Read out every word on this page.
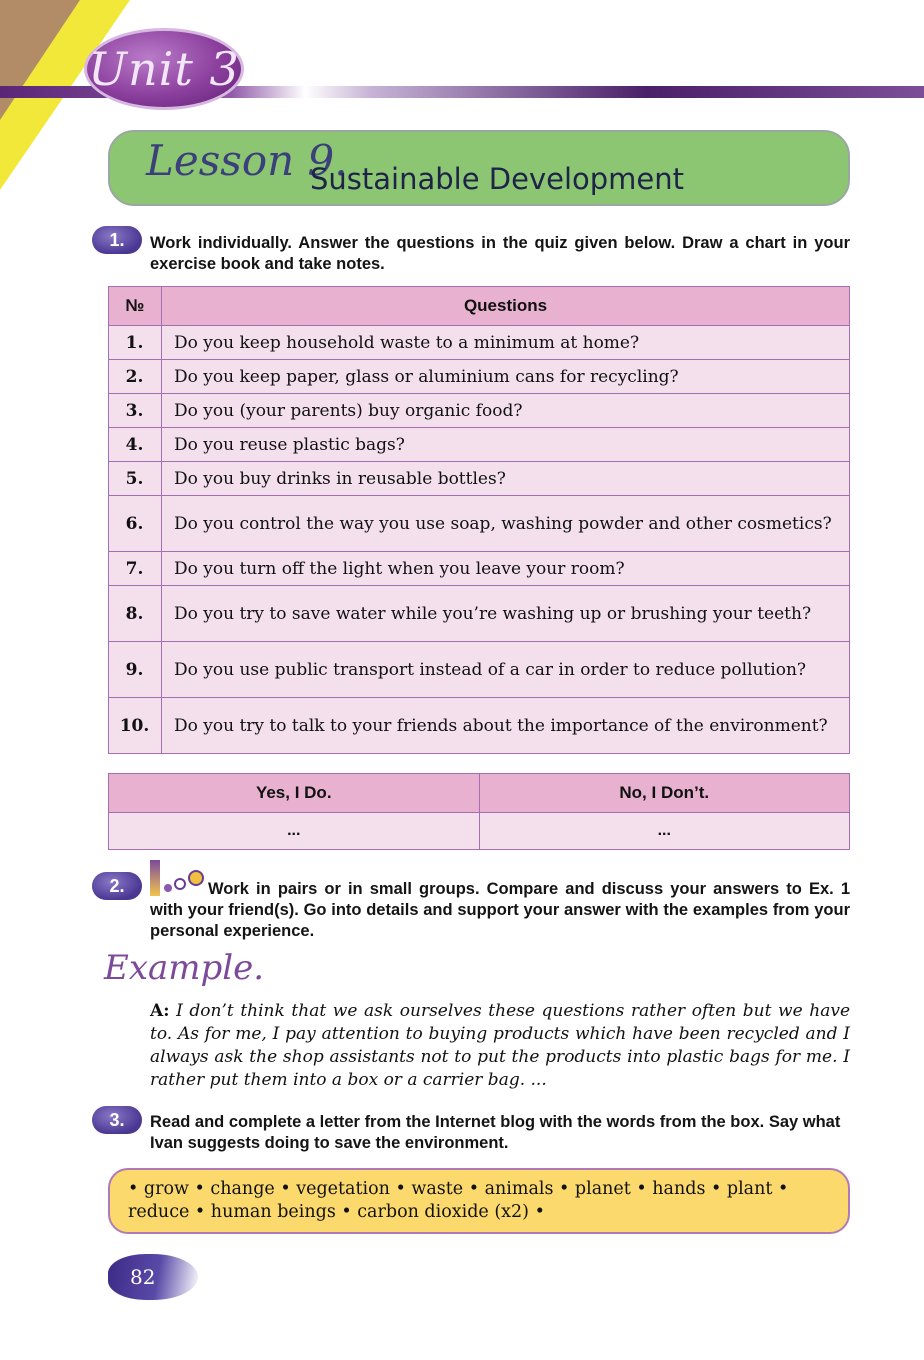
Unit 3
Lesson 9.
Sustainable Development
1.	Work individually. Answer the questions in the quiz given below. Draw a chart in your exercise book and take notes.
№	Questions
1.	Do you keep household waste to a minimum at home?
2.	Do you keep paper, glass or aluminium cans for recycling?
3.	Do you (your parents) buy organic food?
4.	Do you reuse plastic bags?
5.	Do you buy drinks in reusable bottles?
6.	Do you control the way you use soap, washing powder and other cosmetics?
7.	Do you turn off the light when you leave your room?
8.	Do you try to save water while you’re washing up or brushing your teeth?
9.	Do you use public transport instead of a car in order to reduce pollution?
10.	Do you try to talk to your friends about the importance of the environment?
Yes, I Do.	No, I Don’t.
...	...
2.	Work in pairs or in small groups. Compare and discuss your answers to Ex. 1 with your friend(s). Go into details and support your answer with the examples from your personal experience.
Example.
A: I don’t think that we ask ourselves these questions rather often but we have to. As for me, I pay attention to buying products which have been recycled and I always ask the shop assistants not to put the products into plastic bags for me. I rather put them into a box or a carrier bag. ...
3.	Read and complete a letter from the Internet blog with the words from the box. Say what Ivan suggests doing to save the environment.
• grow • change • vegetation • waste • animals • planet • hands • plant • reduce • human beings • carbon dioxide (x2) •
82
